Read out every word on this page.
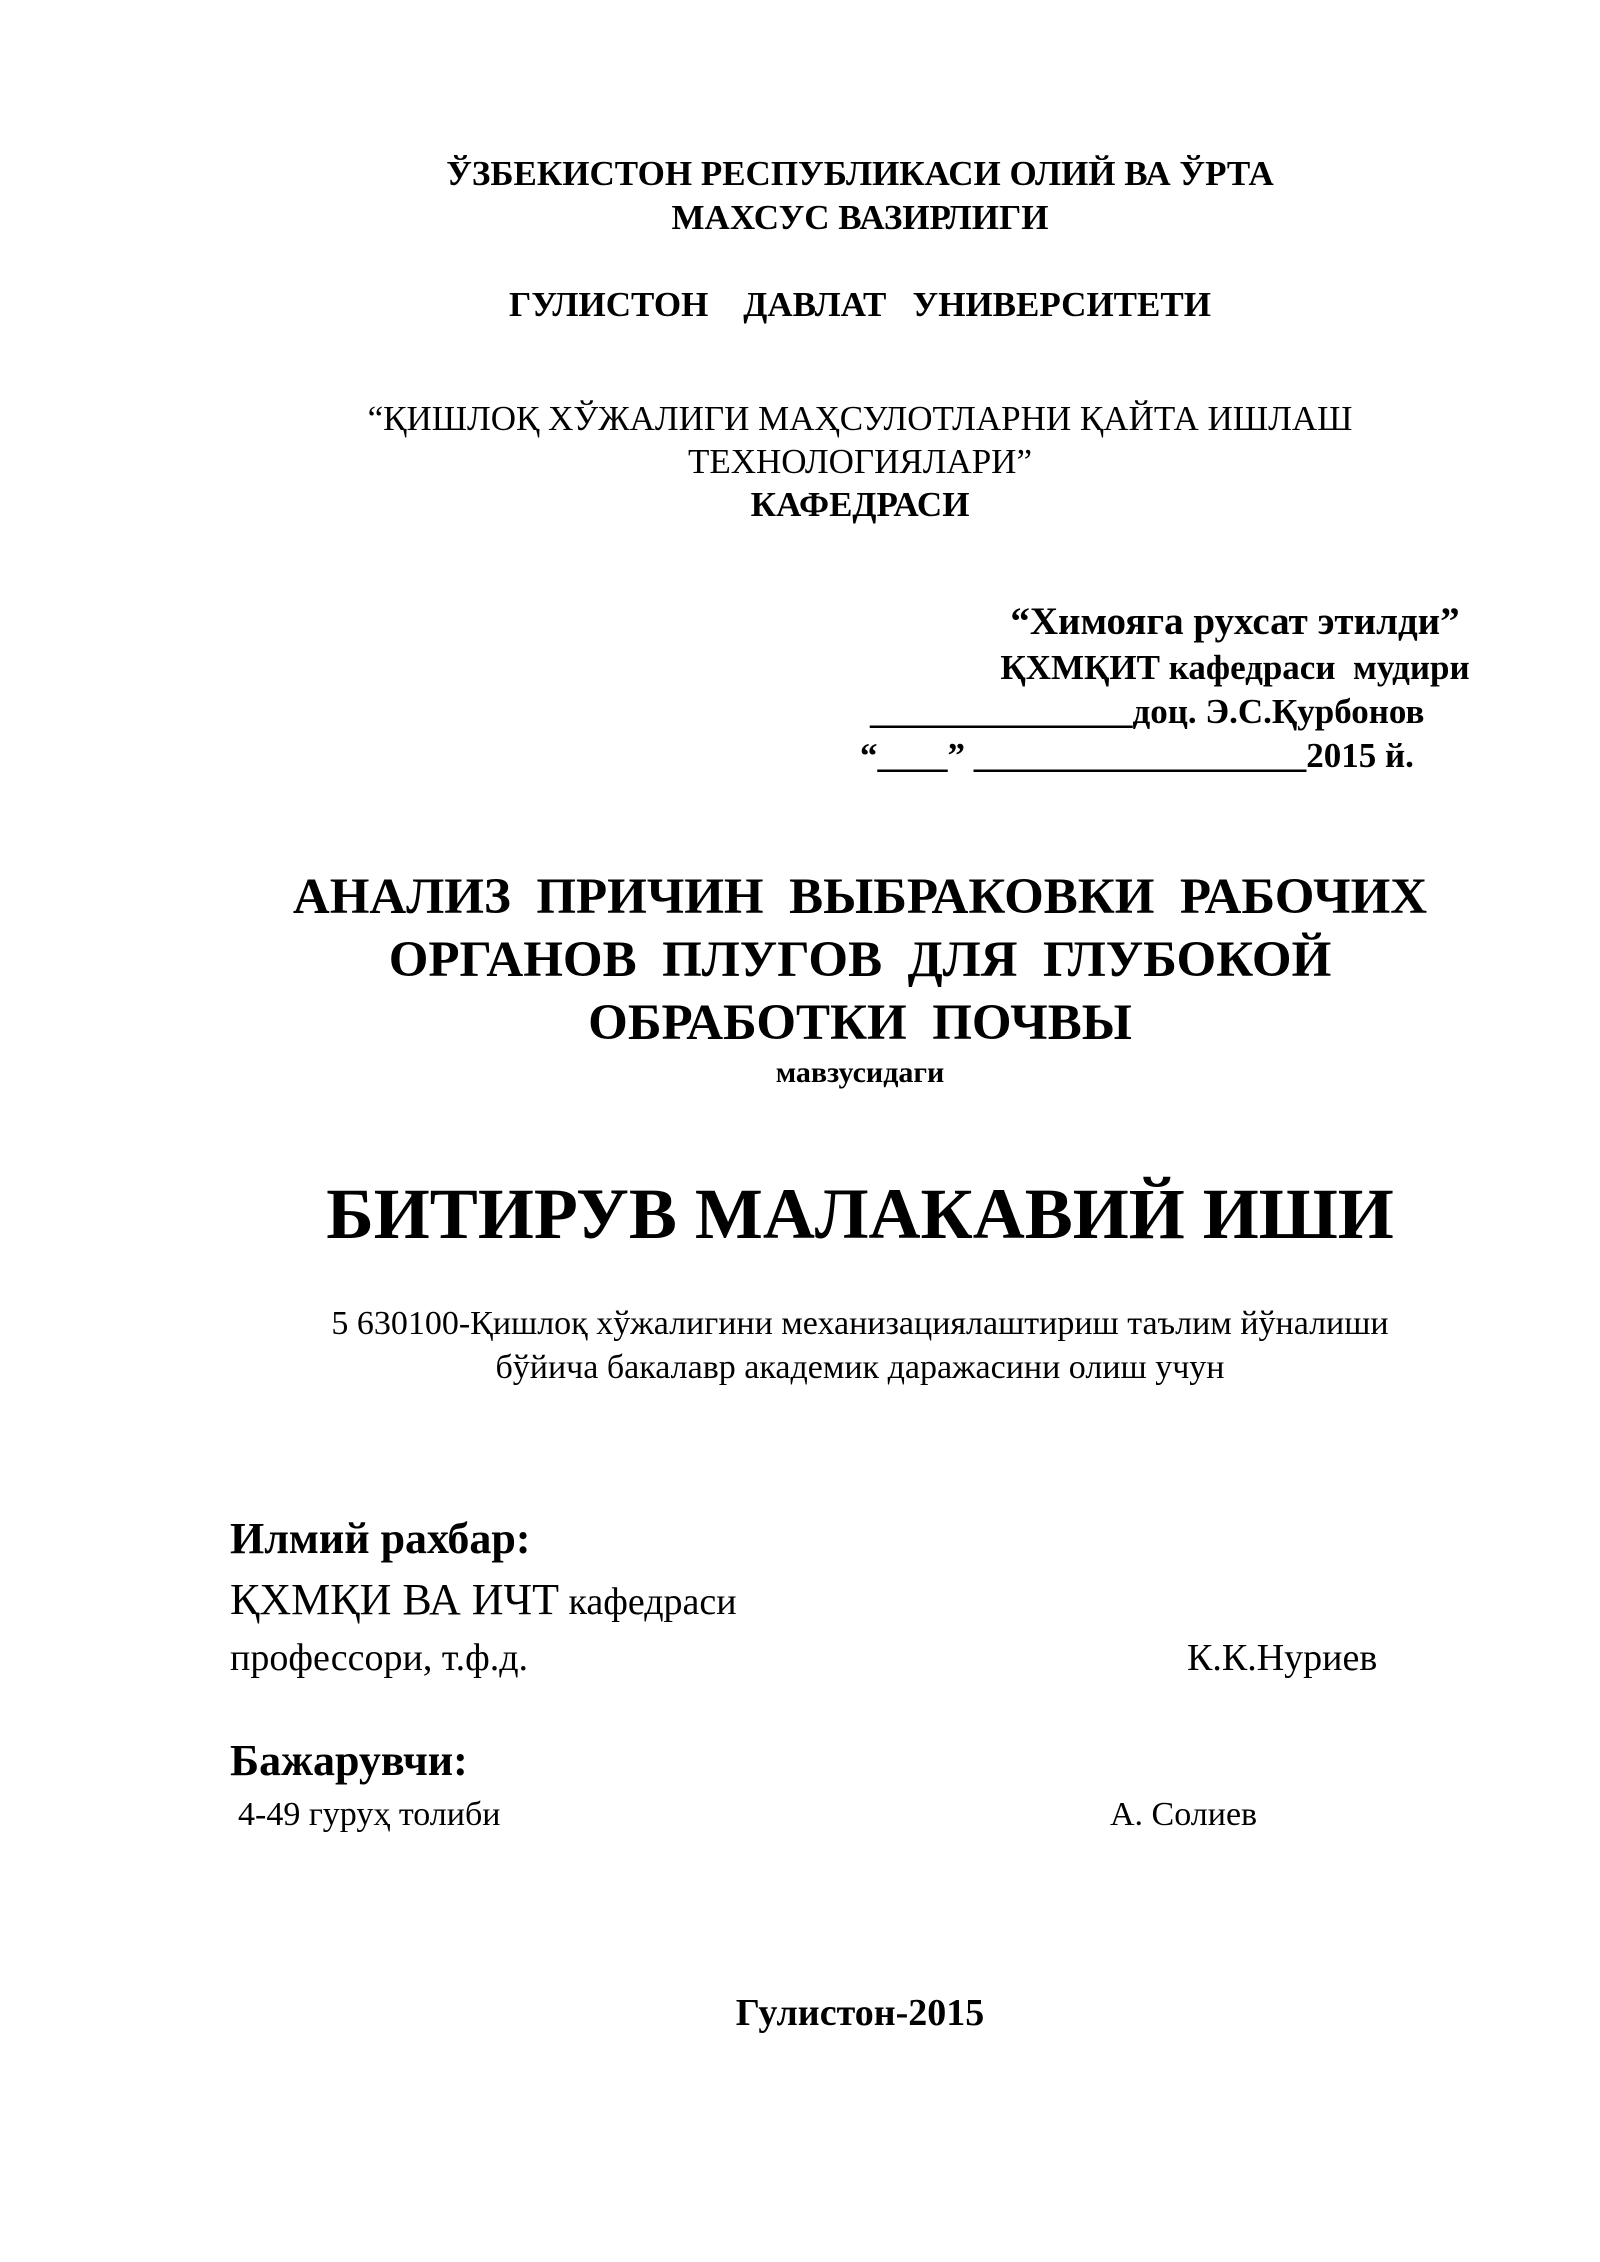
ЎЗБЕКИСТОН РЕСПУБЛИКАСИ ОЛИЙ ВА ЎРТА
МАХСУС ВАЗИРЛИГИ
ГУЛИСТОН    ДАВЛАТ   УНИВЕРСИТЕТИ
“ҚИШЛОҚ ХЎЖАЛИГИ МАҲСУЛОТЛАРНИ ҚАЙТА ИШЛАШ
ТЕХНОЛОГИЯЛАРИ”
КАФЕДРАСИ
“Химояга рухсат этилди”
ҚХМҚИТ кафедраси  мудири
_______________доц. Э.С.Қурбонов
“____” ___________________2015 й.
АНАЛИЗ  ПРИЧИН  ВЫБРАКОВКИ  РАБОЧИХ
ОРГАНОВ  ПЛУГОВ  ДЛЯ  ГЛУБОКОЙ
ОБРАБОТКИ  ПОЧВЫ
мавзусидаги
БИТИРУВ МАЛАКАВИЙ ИШИ
5 630100-Қишлоқ хўжалигини механизациялаштириш таълим йўналиши
бўйича бакалавр академик даражасини олиш учун
Илмий рахбар:
ҚХМҚИ ВА ИЧТ кафедраси
профессори, т.ф.д.	К.К.Нуриев
Бажарувчи:
4-49 гуруҳ толиби	А. Солиев
Гулистон-2015
